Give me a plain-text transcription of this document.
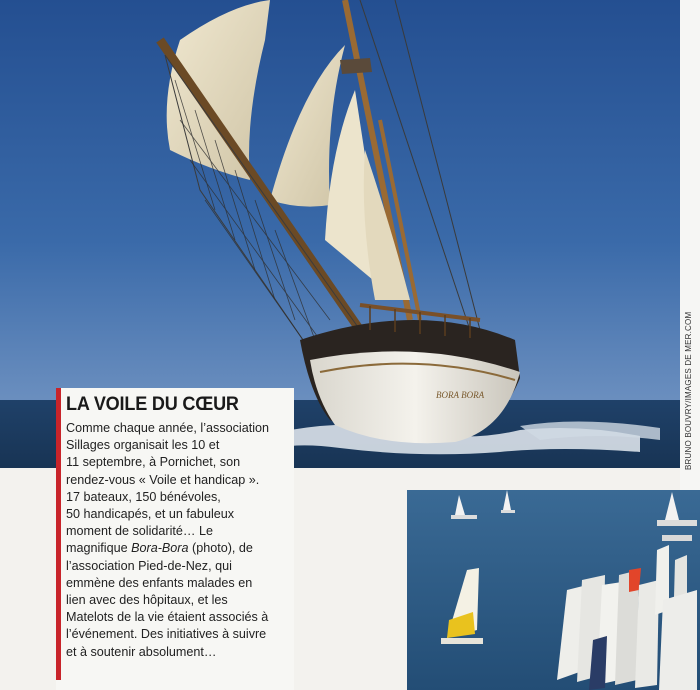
BORA BORA	BRUNO BOUVRY/IMAGES DE MER.COM
LA VOILE DU CŒUR

Comme chaque année, l’association
Sillages organisait les 10 et
11 septembre, à Pornichet, son
rendez-vous « Voile et handicap ».
17 bateaux, 150 bénévoles,
50 handicapés, et un fabuleux
moment de solidarité… Le
magnifique Bora-Bora (photo), de
l’association Pied-de-Nez, qui
emmène des enfants malades en
lien avec des hôpitaux, et les
Matelots de la vie étaient associés à
l’événement. Des initiatives à suivre
et à soutenir absolument…
